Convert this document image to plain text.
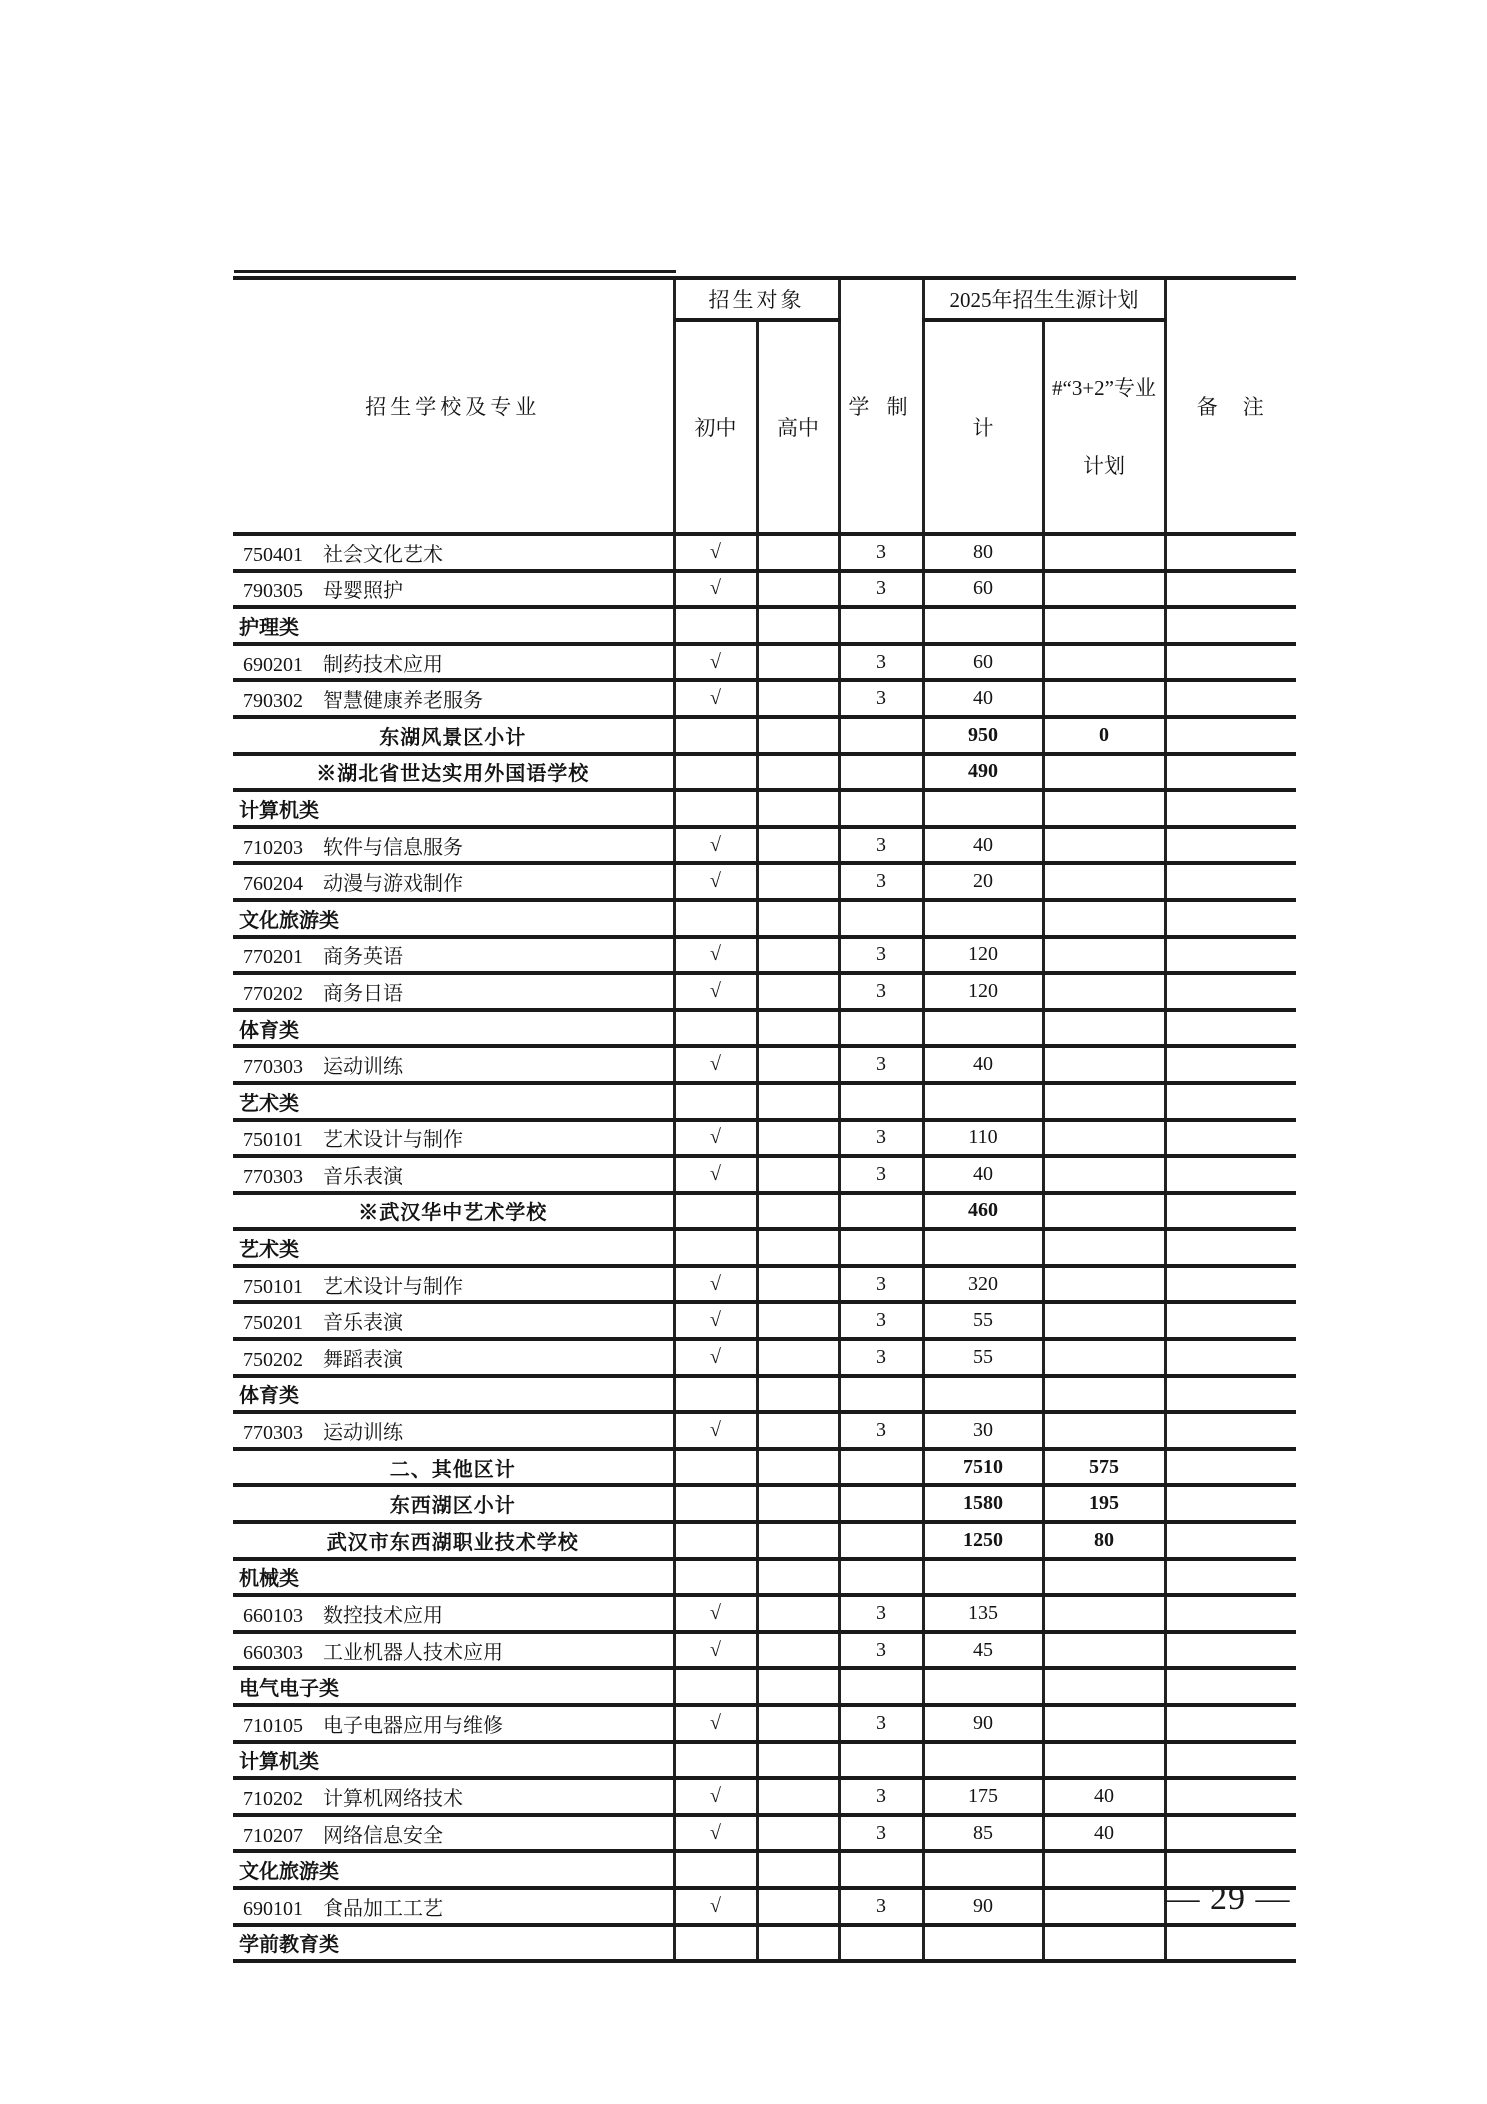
招生学校及专业	招生对象		学 制	2025年招生生源计划		备　注
	初中	高中		计	#“3+2”专业

计划	

750401　社会文化艺术	√		3	80		
790305　母婴照护	√		3	60		
护理类						
690201　制药技术应用	√		3	60		
790302　智慧健康养老服务	√		3	40		
东湖风景区小计				950	0	
※湖北省世达实用外国语学校				490		
计算机类						
710203　软件与信息服务	√		3	40		
760204　动漫与游戏制作	√		3	20		
文化旅游类						
770201　商务英语	√		3	120		
770202　商务日语	√		3	120		
体育类						
770303　运动训练	√		3	40		
艺术类						
750101　艺术设计与制作	√		3	110		
770303　音乐表演	√		3	40		
※武汉华中艺术学校				460		
艺术类						
750101　艺术设计与制作	√		3	320		
750201　音乐表演	√		3	55		
750202　舞蹈表演	√		3	55		
体育类						
770303　运动训练	√		3	30		
二、其他区计				7510	575	
东西湖区小计				1580	195	
武汉市东西湖职业技术学校				1250	80	
机械类						
660103　数控技术应用	√		3	135		
660303　工业机器人技术应用	√		3	45		
电气电子类						
710105　电子电器应用与维修	√		3	90		
计算机类						
710202　计算机网络技术	√		3	175	40	
710207　网络信息安全	√		3	85	40	
文化旅游类						
690101　食品加工工艺	√		3	90		
学前教育类						
— 29 —
